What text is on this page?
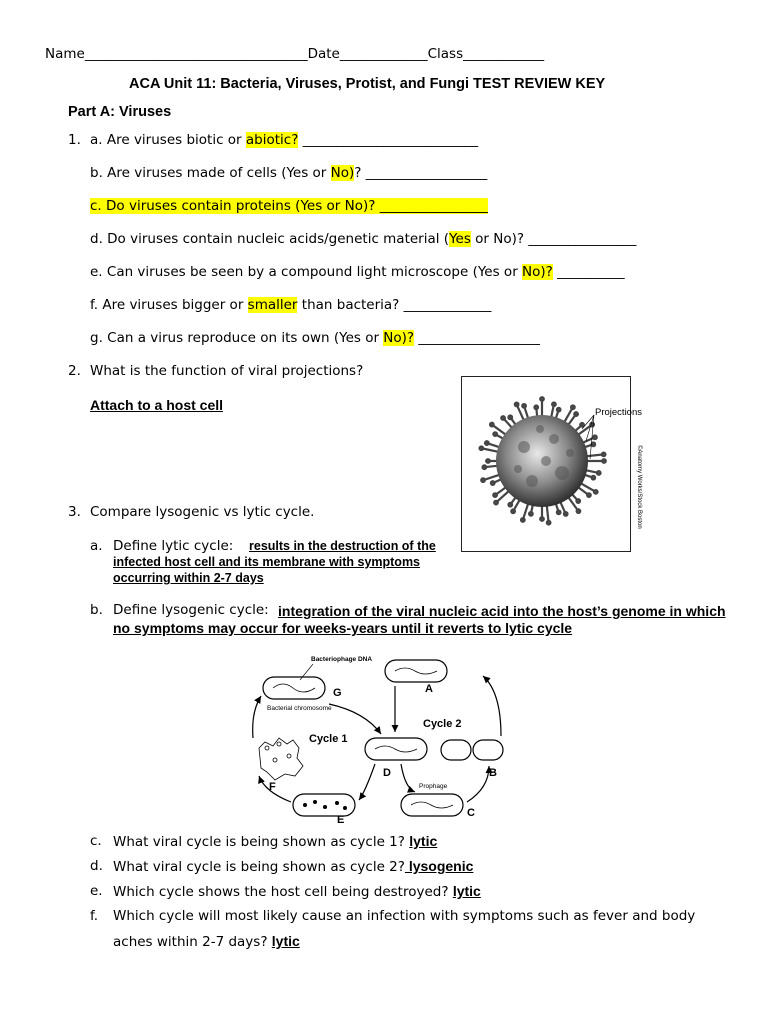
Name_________________________________Date_____________Class____________
ACA Unit 11: Bacteria, Viruses, Protist, and Fungi TEST REVIEW KEY
Part A: Viruses
1. a. Are viruses biotic or abiotic? __________________________
b. Are viruses made of cells (Yes or No)? __________________
c. Do viruses contain proteins (Yes or No)? ________________
d. Do viruses contain nucleic acids/genetic material (Yes or No)? ________________
e. Can viruses be seen by a compound light microscope (Yes or No)? __________
f. Are viruses bigger or smaller than bacteria? _____________
g. Can a virus reproduce on its own (Yes or No)? __________________
2. What is the function of viral projections?
Attach to a host cell	Projections
©Anatomy Works/Stock Boston
3. Compare lysogenic vs lytic cycle.
a. Define lytic cycle: results in the destruction of the
infected host cell and its membrane with symptoms
occurring within 2-7 days
b. Define lysogenic cycle: integration of the viral nucleic acid into the host’s genome in which
no symptoms may occur for weeks-years until it reverts to lytic cycle
Bacteriophage DNA
Bacterial chromosome
G	A
D	B
Prophage
C
E
F
Cycle 1
Cycle 2
c. What viral cycle is being shown as cycle 1? lytic
d. What viral cycle is being shown as cycle 2? lysogenic
e. Which cycle shows the host cell being destroyed? lytic
f. Which cycle will most likely cause an infection with symptoms such as fever and body
aches within 2-7 days? lytic
